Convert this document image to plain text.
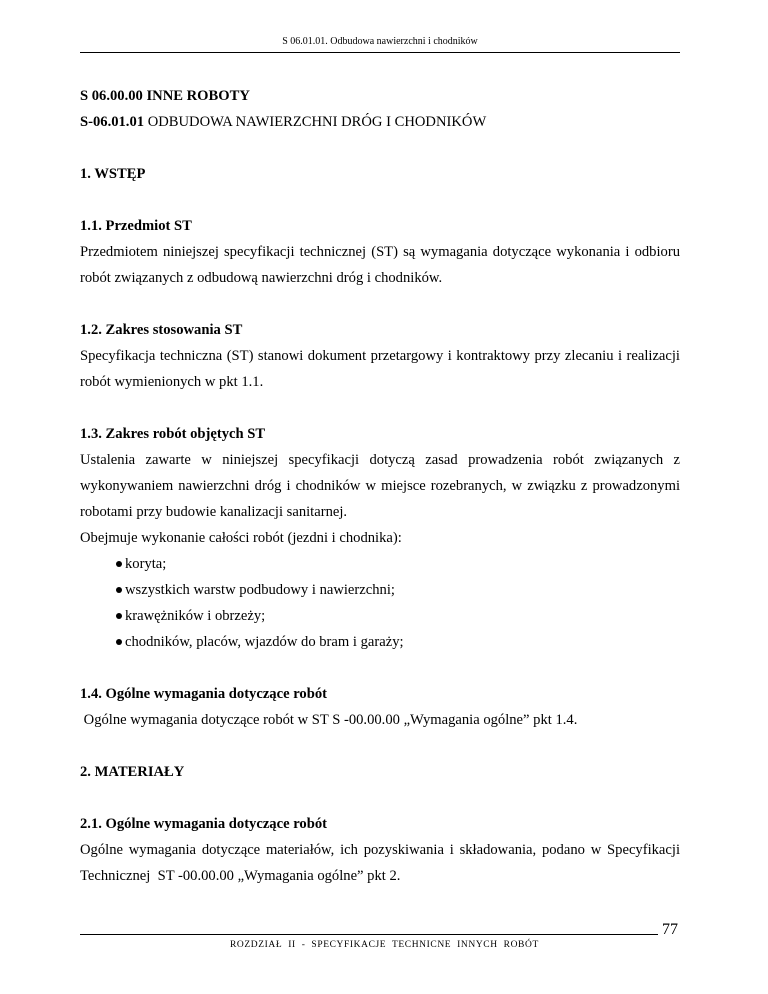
S 06.01.01. Odbudowa nawierzchni i chodników
S 06.00.00 INNE ROBOTY
S-06.01.01 ODBUDOWA NAWIERZCHNI DRÓG I CHODNIKÓW
1. WSTĘP
1.1. Przedmiot ST
Przedmiotem niniejszej specyfikacji technicznej (ST) są wymagania dotyczące wykonania i odbioru robót związanych z odbudową nawierzchni dróg i chodników.
1.2. Zakres stosowania ST
Specyfikacja techniczna (ST) stanowi dokument przetargowy i kontraktowy przy zlecaniu i realizacji robót wymienionych w pkt 1.1.
1.3. Zakres robót objętych ST
Ustalenia zawarte w niniejszej specyfikacji dotyczą zasad prowadzenia robót związanych z wykonywaniem nawierzchni dróg i chodników w miejsce rozebranych, w związku z prowadzonymi robotami przy budowie kanalizacji sanitarnej.
Obejmuje wykonanie całości robót (jezdni i chodnika):
koryta;
wszystkich warstw podbudowy i nawierzchni;
krawężników i obrzeży;
chodników, placów, wjazdów do bram i garaży;
1.4. Ogólne wymagania dotyczące robót
Ogólne wymagania dotyczące robót w ST S -00.00.00 „Wymagania ogólne” pkt 1.4.
2. MATERIAŁY
2.1. Ogólne wymagania dotyczące robót
Ogólne wymagania dotyczące materiałów, ich pozyskiwania i składowania, podano w Specyfikacji Technicznej  ST -00.00.00 „Wymagania ogólne” pkt 2.
ROZDZIAŁ  II  -  SPECYFIKACJE  TECHNICNE  INNYCH  ROBÓT
77
